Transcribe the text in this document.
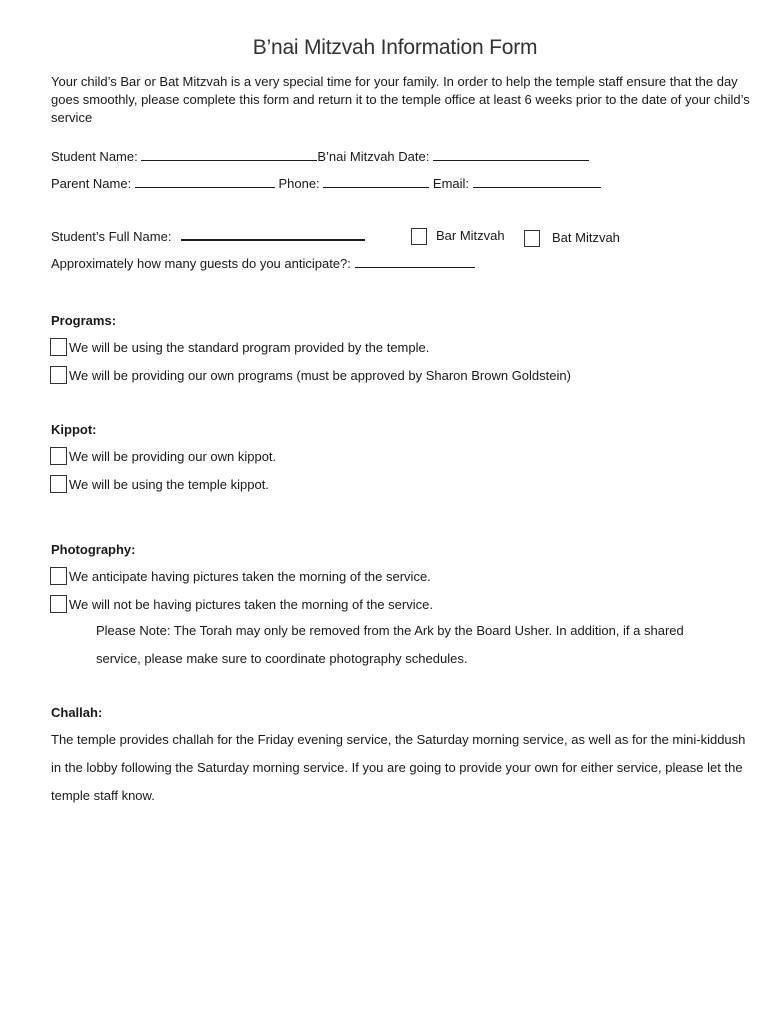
B’nai Mitzvah Information Form
Your child’s Bar or Bat Mitzvah is a very special time for your family. In order to help the temple staff ensure that the day goes smoothly, please complete this form and return it to the temple office at least 6 weeks prior to the date of your child’s service
Student Name:	B’nai Mitzvah Date:
Parent Name:	Phone:	Email:
Student’s Full Name:	Bar Mitzvah	Bat Mitzvah
Approximately how many guests do you anticipate?:
Programs:
We will be using the standard program provided by the temple.
We will be providing our own programs (must be approved by Sharon Brown Goldstein)
Kippot:
We will be providing our own kippot.
We will be using the temple kippot.
Photography:
We anticipate having pictures taken the morning of the service.
We will not be having pictures taken the morning of the service.
Please Note: The Torah may only be removed from the Ark by the Board Usher. In addition, if a shared service, please make sure to coordinate photography schedules.
Challah:
The temple provides challah for the Friday evening service, the Saturday morning service, as well as for the mini-kiddush in the lobby following the Saturday morning service. If you are going to provide your own for either service, please let the temple staff know.
